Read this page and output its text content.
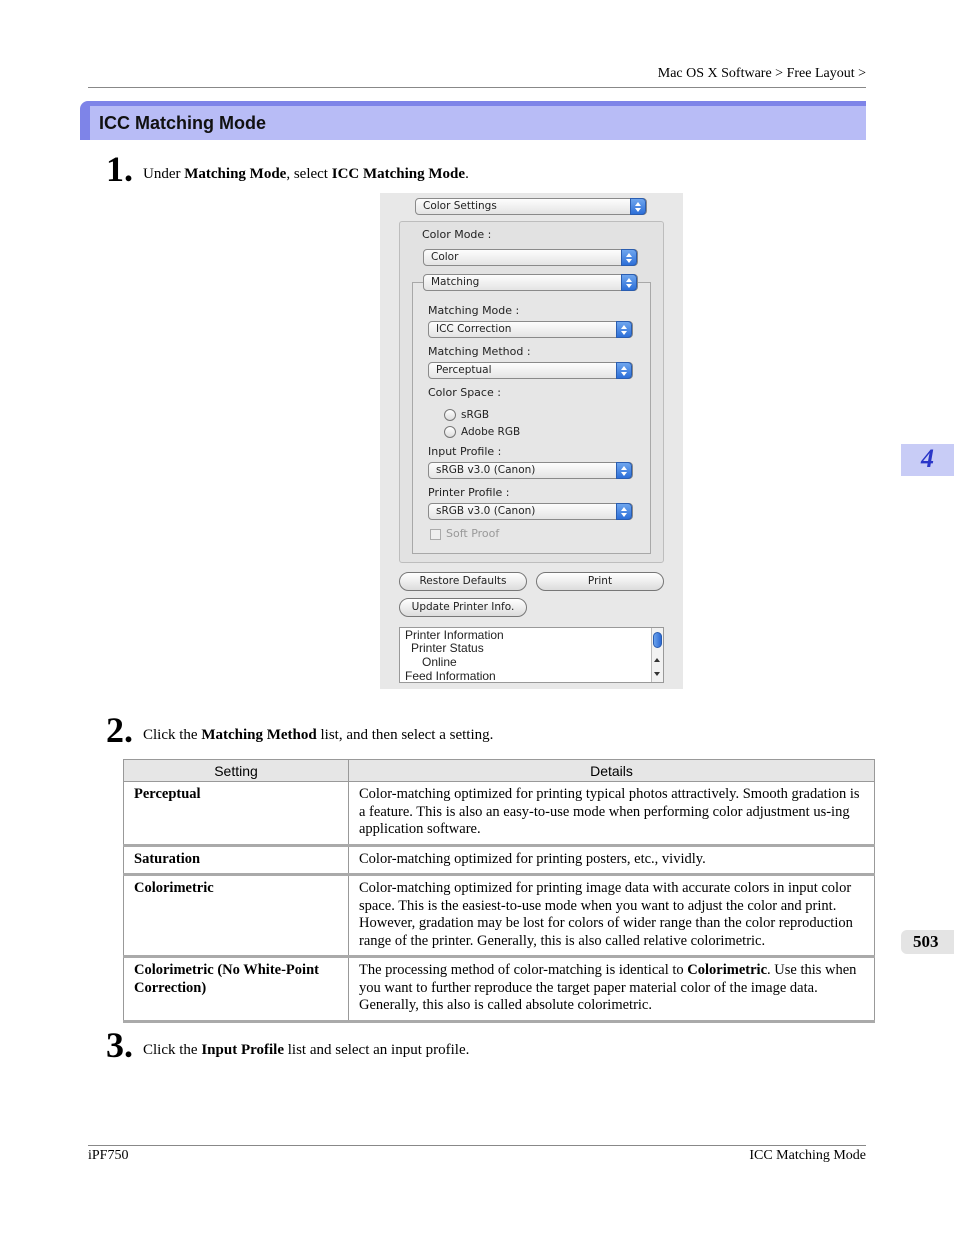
Mac OS X Software > Free Layout >
ICC Matching Mode
1. Under Matching Mode, select ICC Matching Mode.
Color Settings
Color Mode :
Color
Matching
Matching Mode :
ICC Correction
Matching Method :
Perceptual
Color Space :
sRGB
Adobe RGB
Input Profile :
sRGB v3.0 (Canon)
Printer Profile :
sRGB v3.0 (Canon)
Soft Proof
Restore Defaults	Print
Update Printer Info.
Printer Information
Printer Status
Online
Feed Information
2. Click the Matching Method list, and then select a setting.
Setting	Details
Perceptual	Color-matching optimized for printing typical photos attractively. Smooth gradation is a feature. This is also an easy-to-use mode when performing color adjustment us-ing application software.
Saturation	Color-matching optimized for printing posters, etc., vividly.
Colorimetric	Color-matching optimized for printing image data with accurate colors in input color space. This is the easiest-to-use mode when you want to adjust the color and print. However, gradation may be lost for colors of wider range than the color reproduction range of the printer. Generally, this is also called relative colorimetric.
Colorimetric (No White-Point Correction)	The processing method of color-matching is identical to Colorimetric. Use this when you want to further reproduce the target paper material color of the image data. Generally, this also is called absolute colorimetric.
3. Click the Input Profile list and select an input profile.
4
503
iPF750	ICC Matching Mode
